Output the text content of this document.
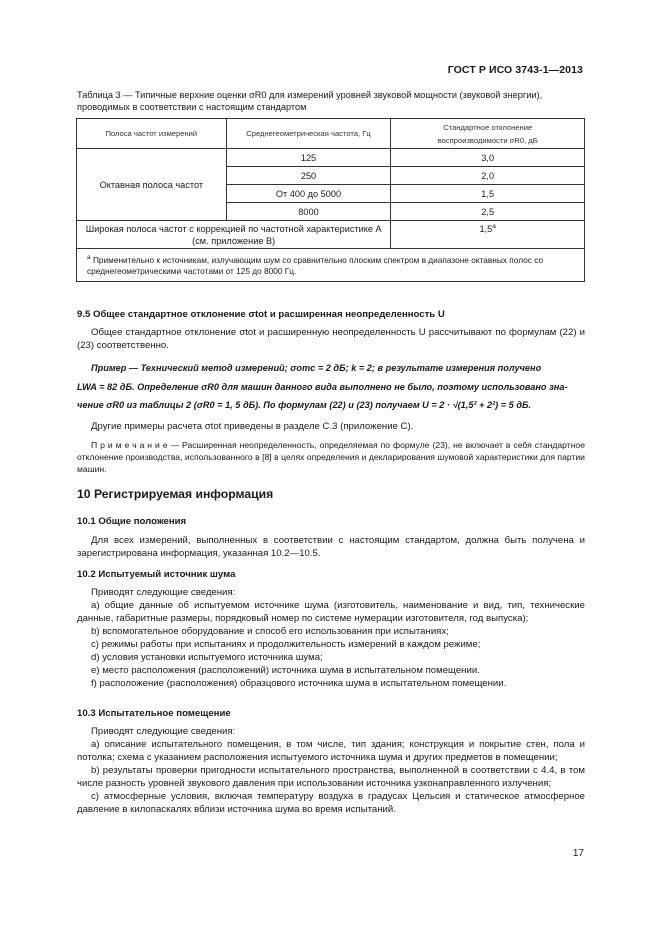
ГОСТ Р ИСО 3743-1—2013
Таблица 3 — Типичные верхние оценки σR0 для измерений уровней звуковой мощности (звуковой энергии), проводимых в соответствии с настоящим стандартом
Полоса частот измерений	Среднегеометрическая частота, Гц	Стандартное отклонение
воспроизводимости σR0, дБ

Октавная полоса частот	125	3,0
	250	2,0
	От 400 до 5000	1,5
	8000	2,5
Широкая полоса частот с коррекцией по частотной характеристике А (см. приложение В)		1,5$^a$
$^a$ Применительно к источникам, излучающим шум со сравнительно плоским спектром в диапазоне октавных полос со среднегеометрическими частотами от 125 до 8000 Гц.		
9.5 Общее стандартное отклонение σtot и расширенная неопределенность U
Общее стандартное отклонение σtot и расширенную неопределенность U рассчитывают по формулам (22) и (23) соответственно.
Пример — Технический метод измерений; σomc = 2 дБ; k = 2; в результате измерения получено
LWA = 82 дБ. Определение σR0 для машин данного вида выполнено не было, поэтому использовано зна-
чение σR0 из таблицы 2 (σR0 = 1, 5 дБ). По формулам (22) и (23) получаем U = 2 · √(1,5² + 2²) = 5 дБ.
Другие примеры расчета σtot приведены в разделе С.3 (приложение С).
П р и м е ч а н и е — Расширенная неопределенность, определяемая по формуле (23), не включает в себя стандартное отклонение производства, использованного в [8] в целях определения и декларирования шумовой характеристики для партии машин.
10 Регистрируемая информация
10.1 Общие положения
Для всех измерений, выполненных в соответствии с настоящим стандартом, должна быть получена и зарегистрирована информация, указанная 10.2—10.5.
10.2 Испытуемый источник шума
Приводят следующие сведения:

a) общие данные об испытуемом источнике шума (изготовитель, наименование и вид, тип, технические данные, габаритные размеры, порядковый номер по системе нумерации изготовителя, год выпуска);

b) вспомогательное оборудование и способ его использования при испытаниях;

c) режимы работы при испытаниях и продолжительность измерений в каждом режиме;

d) условия установки испытуемого источника шума;

e) место расположения (расположений) источника шума в испытательном помещении.

f) расположение (расположения) образцового источника шума в испытательном помещении.

10.3 Испытательное помещение
Приводят следующие сведения:

a) описание испытательного помещения, в том числе, тип здания; конструкция и покрытие стен, пола и потолка; схема с указанием расположения испытуемого источника шума и других предметов в помещении;

b) результаты проверки пригодности испытательного пространства, выполненной в соответствии с 4.4, в том числе разность уровней звукового давления при использовании источника узконаправленного излучения;

c) атмосферные условия, включая температуру воздуха в градусах Цельсия и статическое атмосферное давление в килопаскалях вблизи источника шума во время испытаний.

17
